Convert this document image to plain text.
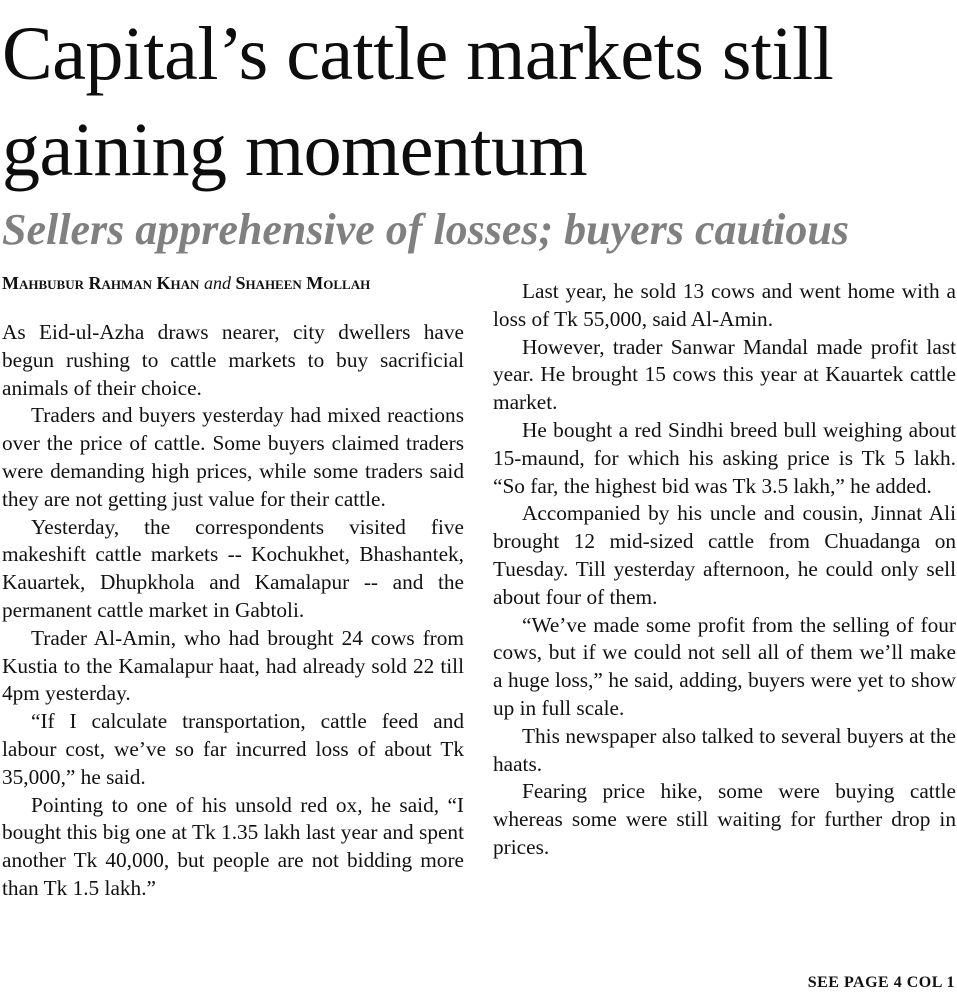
Capital’s cattle markets still gaining momentum
Sellers apprehensive of losses; buyers cautious
Mahbubur Rahman Khan and Shaheen Mollah

As Eid-ul-Azha draws nearer, city dwellers have begun rushing to cattle markets to buy sacrificial animals of their choice.

Traders and buyers yesterday had mixed reactions over the price of cattle. Some buyers claimed traders were demanding high prices, while some traders said they are not getting just value for their cattle.

Yesterday, the correspondents visited five makeshift cattle markets -- Kochukhet, Bhashantek, Kauartek, Dhupkhola and Kamalapur -- and the permanent cattle market in Gabtoli.

Trader Al-Amin, who had brought 24 cows from Kustia to the Kamalapur haat, had already sold 22 till 4pm yesterday.

“If I calculate transportation, cattle feed and labour cost, we’ve so far incurred loss of about Tk 35,000,” he said.

Pointing to one of his unsold red ox, he said, “I bought this big one at Tk 1.35 lakh last year and spent another Tk 40,000, but people are not bidding more than Tk 1.5 lakh.”

Last year, he sold 13 cows and went home with a loss of Tk 55,000, said Al-Amin.

However, trader Sanwar Mandal made profit last year. He brought 15 cows this year at Kauartek cattle market.

He bought a red Sindhi breed bull weighing about 15-maund, for which his asking price is Tk 5 lakh. “So far, the highest bid was Tk 3.5 lakh,” he added.

Accompanied by his uncle and cousin, Jinnat Ali brought 12 mid-sized cattle from Chuadanga on Tuesday. Till yesterday afternoon, he could only sell about four of them.

“We’ve made some profit from the selling of four cows, but if we could not sell all of them we’ll make a huge loss,” he said, adding, buyers were yet to show up in full scale.

This newspaper also talked to several buyers at the haats.

Fearing price hike, some were buying cattle whereas some were still waiting for further drop in prices.

SEE PAGE 4 COL 1
